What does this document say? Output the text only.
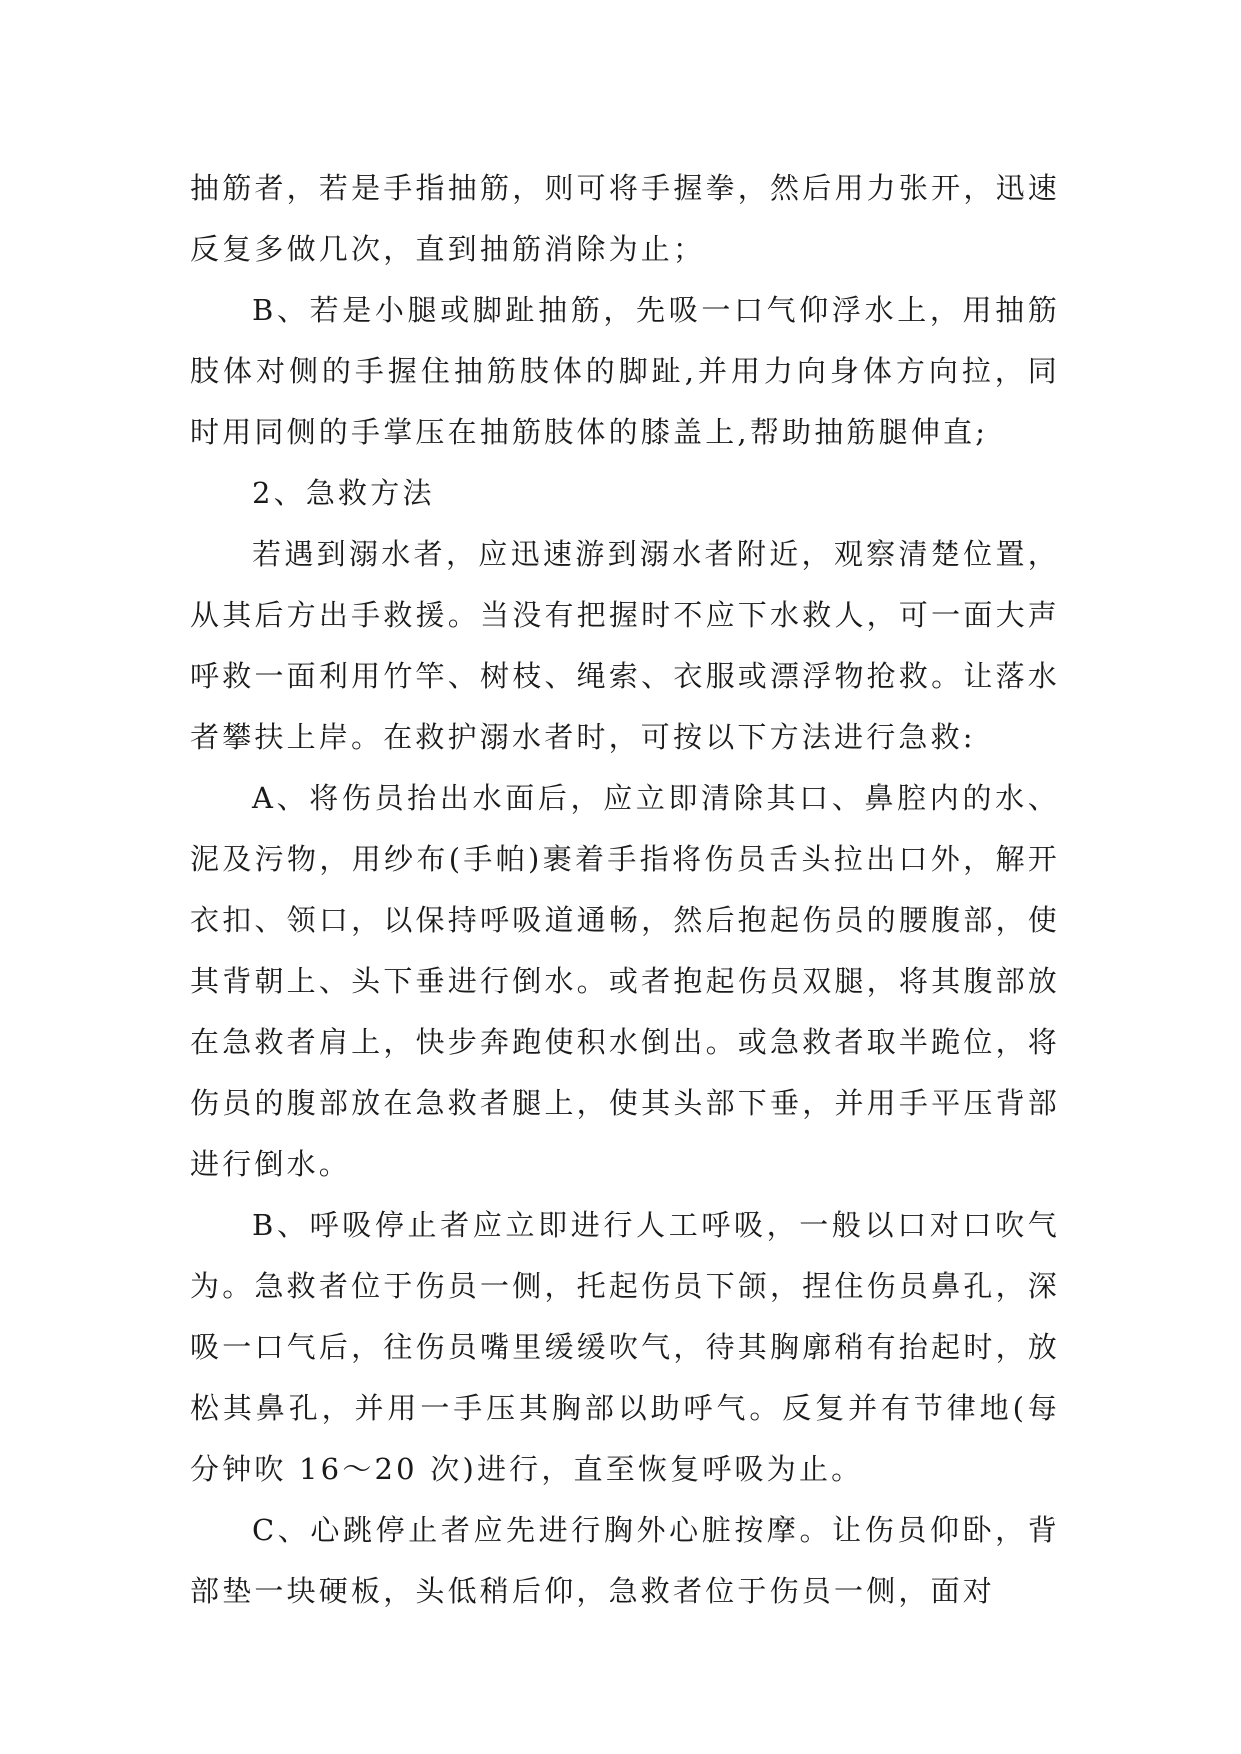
抽筋者，若是手指抽筋，则可将手握拳，然后用力张开，迅速反复多做几次，直到抽筋消除为止；

B、若是小腿或脚趾抽筋，先吸一口气仰浮水上，用抽筋肢体对侧的手握住抽筋肢体的脚趾,并用力向身体方向拉，同时用同侧的手掌压在抽筋肢体的膝盖上,帮助抽筋腿伸直;

2、急救方法

若遇到溺水者，应迅速游到溺水者附近，观察清楚位置，从其后方出手救援。当没有把握时不应下水救人，可一面大声呼救一面利用竹竿、树枝、绳索、衣服或漂浮物抢救。让落水者攀扶上岸。在救护溺水者时，可按以下方法进行急救:

A、将伤员抬出水面后，应立即清除其口、鼻腔内的水、泥及污物，用纱布(手帕)裹着手指将伤员舌头拉出口外，解开衣扣、领口，以保持呼吸道通畅，然后抱起伤员的腰腹部，使其背朝上、头下垂进行倒水。或者抱起伤员双腿，将其腹部放在急救者肩上，快步奔跑使积水倒出。或急救者取半跪位，将伤员的腹部放在急救者腿上，使其头部下垂，并用手平压背部进行倒水。

B、呼吸停止者应立即进行人工呼吸，一般以口对口吹气为。急救者位于伤员一侧，托起伤员下颌，捏住伤员鼻孔，深吸一口气后，往伤员嘴里缓缓吹气，待其胸廓稍有抬起时，放松其鼻孔，并用一手压其胸部以助呼气。反复并有节律地(每分钟吹 16～20 次)进行，直至恢复呼吸为止。

C、心跳停止者应先进行胸外心脏按摩。让伤员仰卧，背部垫一块硬板，头低稍后仰，急救者位于伤员一侧，面对
